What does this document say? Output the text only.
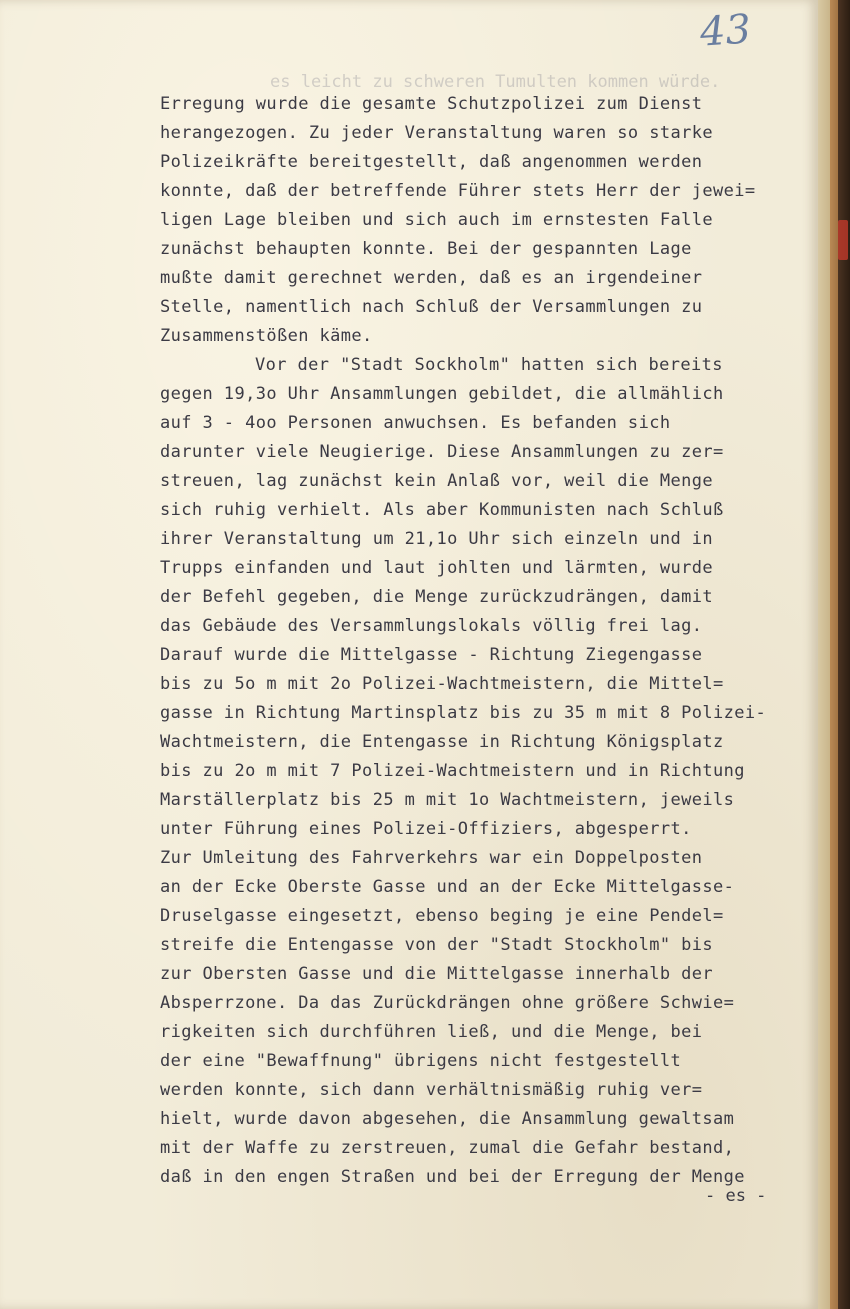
43
es leicht zu schweren Tumulten kommen würde.
Erregung wurde die gesamte Schutzpolizei zum Dienst
herangezogen. Zu jeder Veranstaltung waren so starke
Polizeikräfte bereitgestellt, daß angenommen werden
konnte, daß der betreffende Führer stets Herr der jewei=
ligen Lage bleiben und sich auch im ernstesten Falle
zunächst behaupten konnte. Bei der gespannten Lage
mußte damit gerechnet werden, daß es an irgendeiner
Stelle, namentlich nach Schluß der Versammlungen zu
Zusammenstößen käme.
Vor der "Stadt Sockholm" hatten sich bereits
gegen 19,3o Uhr Ansammlungen gebildet, die allmählich
auf 3 - 4oo Personen anwuchsen. Es befanden sich
darunter viele Neugierige. Diese Ansammlungen zu zer=
streuen, lag zunächst kein Anlaß vor, weil die Menge
sich ruhig verhielt. Als aber Kommunisten nach Schluß
ihrer Veranstaltung um 21,1o Uhr sich einzeln und in
Trupps einfanden und laut johlten und lärmten, wurde
der Befehl gegeben, die Menge zurückzudrängen, damit
das Gebäude des Versammlungslokals völlig frei lag.
Darauf wurde die Mittelgasse - Richtung Ziegengasse
bis zu 5o m mit 2o Polizei-Wachtmeistern, die Mittel=
gasse in Richtung Martinsplatz bis zu 35 m mit 8 Polizei-
Wachtmeistern, die Entengasse in Richtung Königsplatz
bis zu 2o m mit 7 Polizei-Wachtmeistern und in Richtung
Marställerplatz bis 25 m mit 1o Wachtmeistern, jeweils
unter Führung eines Polizei-Offiziers, abgesperrt.
Zur Umleitung des Fahrverkehrs war ein Doppelposten
an der Ecke Oberste Gasse und an der Ecke Mittelgasse-
Druselgasse eingesetzt, ebenso beging je eine Pendel=
streife die Entengasse von der "Stadt Stockholm" bis
zur Obersten Gasse und die Mittelgasse innerhalb der
Absperrzone. Da das Zurückdrängen ohne größere Schwie=
rigkeiten sich durchführen ließ, und die Menge, bei
der eine "Bewaffnung" übrigens nicht festgestellt
werden konnte, sich dann verhältnismäßig ruhig ver=
hielt, wurde davon abgesehen, die Ansammlung gewaltsam
mit der Waffe zu zerstreuen, zumal die Gefahr bestand,
daß in den engen Straßen und bei der Erregung der Menge
- es -
